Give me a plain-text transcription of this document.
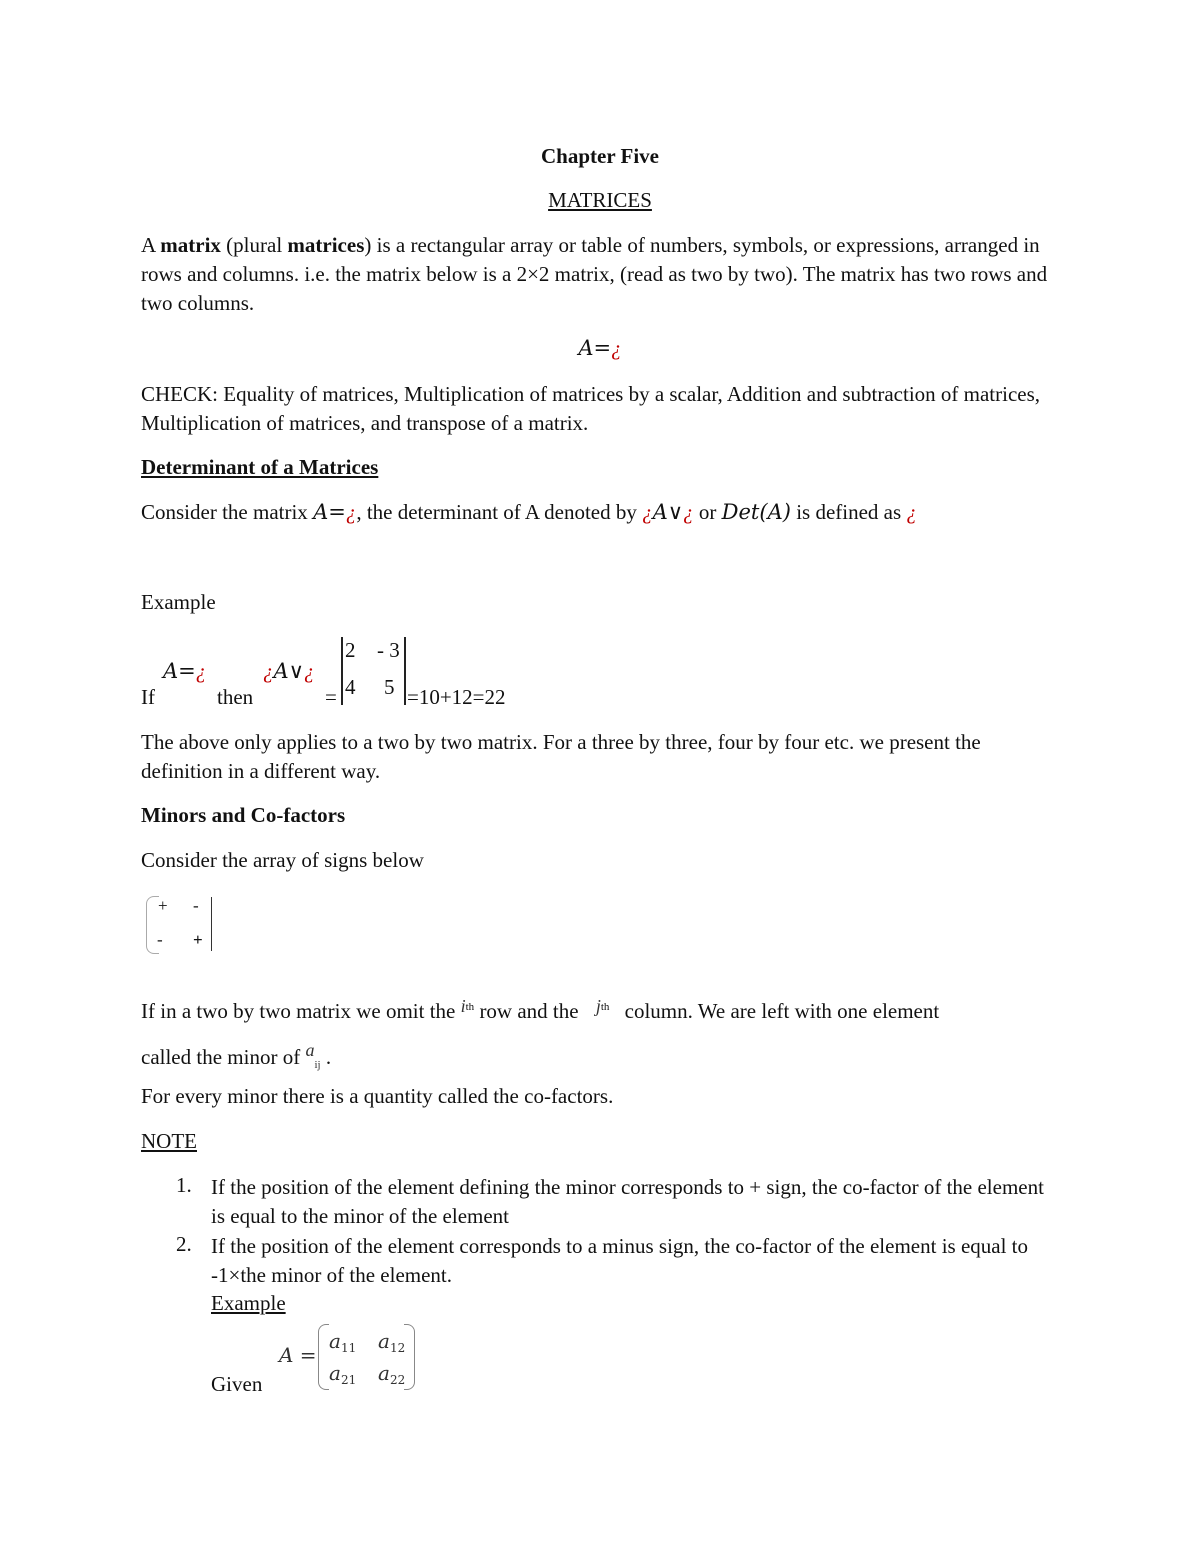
Chapter Five
MATRICES
A matrix (plural matrices) is a rectangular array or table of numbers, symbols, or expressions, arranged in rows and columns. i.e. the matrix below is a 2×2 matrix, (read as two by two). The matrix has two rows and two columns.
A=¿
CHECK: Equality of matrices, Multiplication of matrices by a scalar, Addition and subtraction of matrices, Multiplication of matrices, and transpose of a matrix.
Determinant of a Matrices
Consider the matrix A=¿, the determinant of A denoted by ¿A∨¿ or Det(A) is defined as ¿
Example
A=¿	¿A∨¿
If	then	=
2 - 3
4 5 =10+12=22
The above only applies to a two by two matrix. For a three by three, four by four etc. we present the definition in a different way.
Minors and Co-factors
Consider the array of signs below
+ -
- +
If in a two by two matrix we omit the $i^{th}$ row and the $j^{th}$ column. We are left with one element
called the minor of $a_{ij}$ .
For every minor there is a quantity called the co-factors.
NOTE
1. If the position of the element defining the minor corresponds to + sign, the co-factor of the element is equal to the minor of the element
2. If the position of the element corresponds to a minus sign, the co-factor of the element is equal to -1×the minor of the element.
Example
Given
A =
$a_{11}$ $a_{12}$
$a_{21}$ $a_{22}$
